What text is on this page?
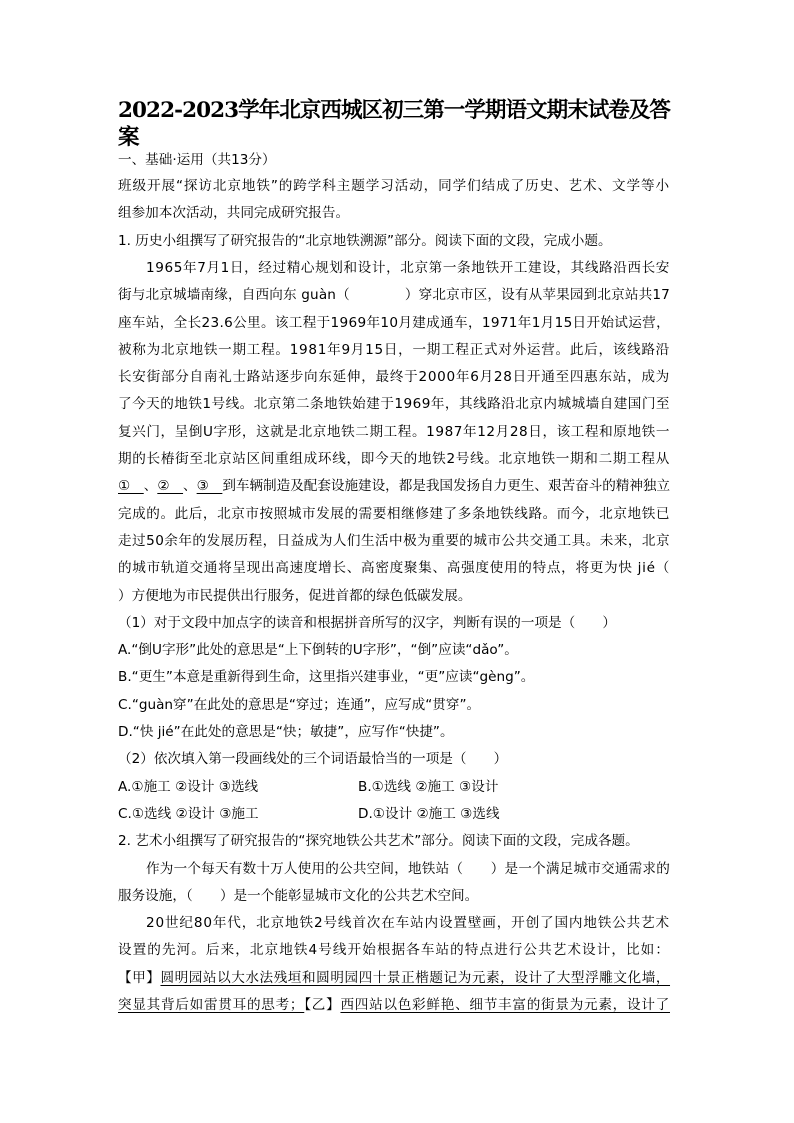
2022-2023学年北京西城区初三第一学期语文期末试卷及答
案
一、基础·运用（共13分）
班级开展“探访北京地铁”的跨学科主题学习活动，同学们结成了历史、艺术、文学等小
组参加本次活动，共同完成研究报告。
1. 历史小组撰写了研究报告的“北京地铁溯源”部分。阅读下面的文段，完成小题。
1965年7月1日，经过精心规划和设计，北京第一条地铁开工建设，其线路沿西长安
街与北京城墙南缘，自西向东 guàn（　　　　）穿北京市区，设有从苹果园到北京站共17
座车站，全长23.6公里。该工程于1969年10月建成通车，1971年1月15日开始试运营，
被称为北京地铁一期工程。1981年9月15日，一期工程正式对外运营。此后，该线路沿
长安街部分自南礼士路站逐步向东延伸，最终于2000年6月28日开通至四惠东站，成为
了今天的地铁1号线。北京第二条地铁始建于1969年，其线路沿北京内城城墙自建国门至
复兴门，呈倒U字形，这就是北京地铁二期工程。1987年12月28日，该工程和原地铁一
期的长椿街至北京站区间重组成环线，即今天的地铁2号线。北京地铁一期和二期工程从
①　、②　、③　到车辆制造及配套设施建设，都是我国发扬自力更生、艰苦奋斗的精神独立
完成的。此后，北京市按照城市发展的需要相继修建了多条地铁线路。而今，北京地铁已
走过50余年的发展历程，日益成为人们生活中极为重要的城市公共交通工具。未来，北京
的城市轨道交通将呈现出高速度增长、高密度聚集、高强度使用的特点，将更为快 jié（
）方便地为市民提供出行服务，促进首都的绿色低碳发展。
（1）对于文段中加点字的读音和根据拼音所写的汉字，判断有误的一项是（　　）
A.“倒U字形”此处的意思是“上下倒转的U字形”，“倒”应读“dǎo”。
B.“更生”本意是重新得到生命，这里指兴建事业，“更”应读“gèng”。
C.“guàn穿”在此处的意思是“穿过；连通”，应写成“贯穿”。
D.“快 jié”在此处的意思是“快；敏捷”，应写作“快捷”。
（2）依次填入第一段画线处的三个词语最恰当的一项是（　　）
A.①施工 ②设计 ③选线	B.①选线 ②施工 ③设计
C.①选线 ②设计 ③施工	D.①设计 ②施工 ③选线
2. 艺术小组撰写了研究报告的“探究地铁公共艺术”部分。阅读下面的文段，完成各题。
作为一个每天有数十万人使用的公共空间，地铁站（　　）是一个满足城市交通需求的
服务设施，（　　）是一个能彰显城市文化的公共艺术空间。
20世纪80年代，北京地铁2号线首次在车站内设置壁画，开创了国内地铁公共艺术
设置的先河。后来，北京地铁4号线开始根据各车站的特点进行公共艺术设计，比如：
【甲】圆明园站以大水法残垣和圆明园四十景正楷题记为元素，设计了大型浮雕文化墙，
突显其背后如雷贯耳的思考；【乙】西四站以色彩鲜艳、细节丰富的街景为元素，设计了
